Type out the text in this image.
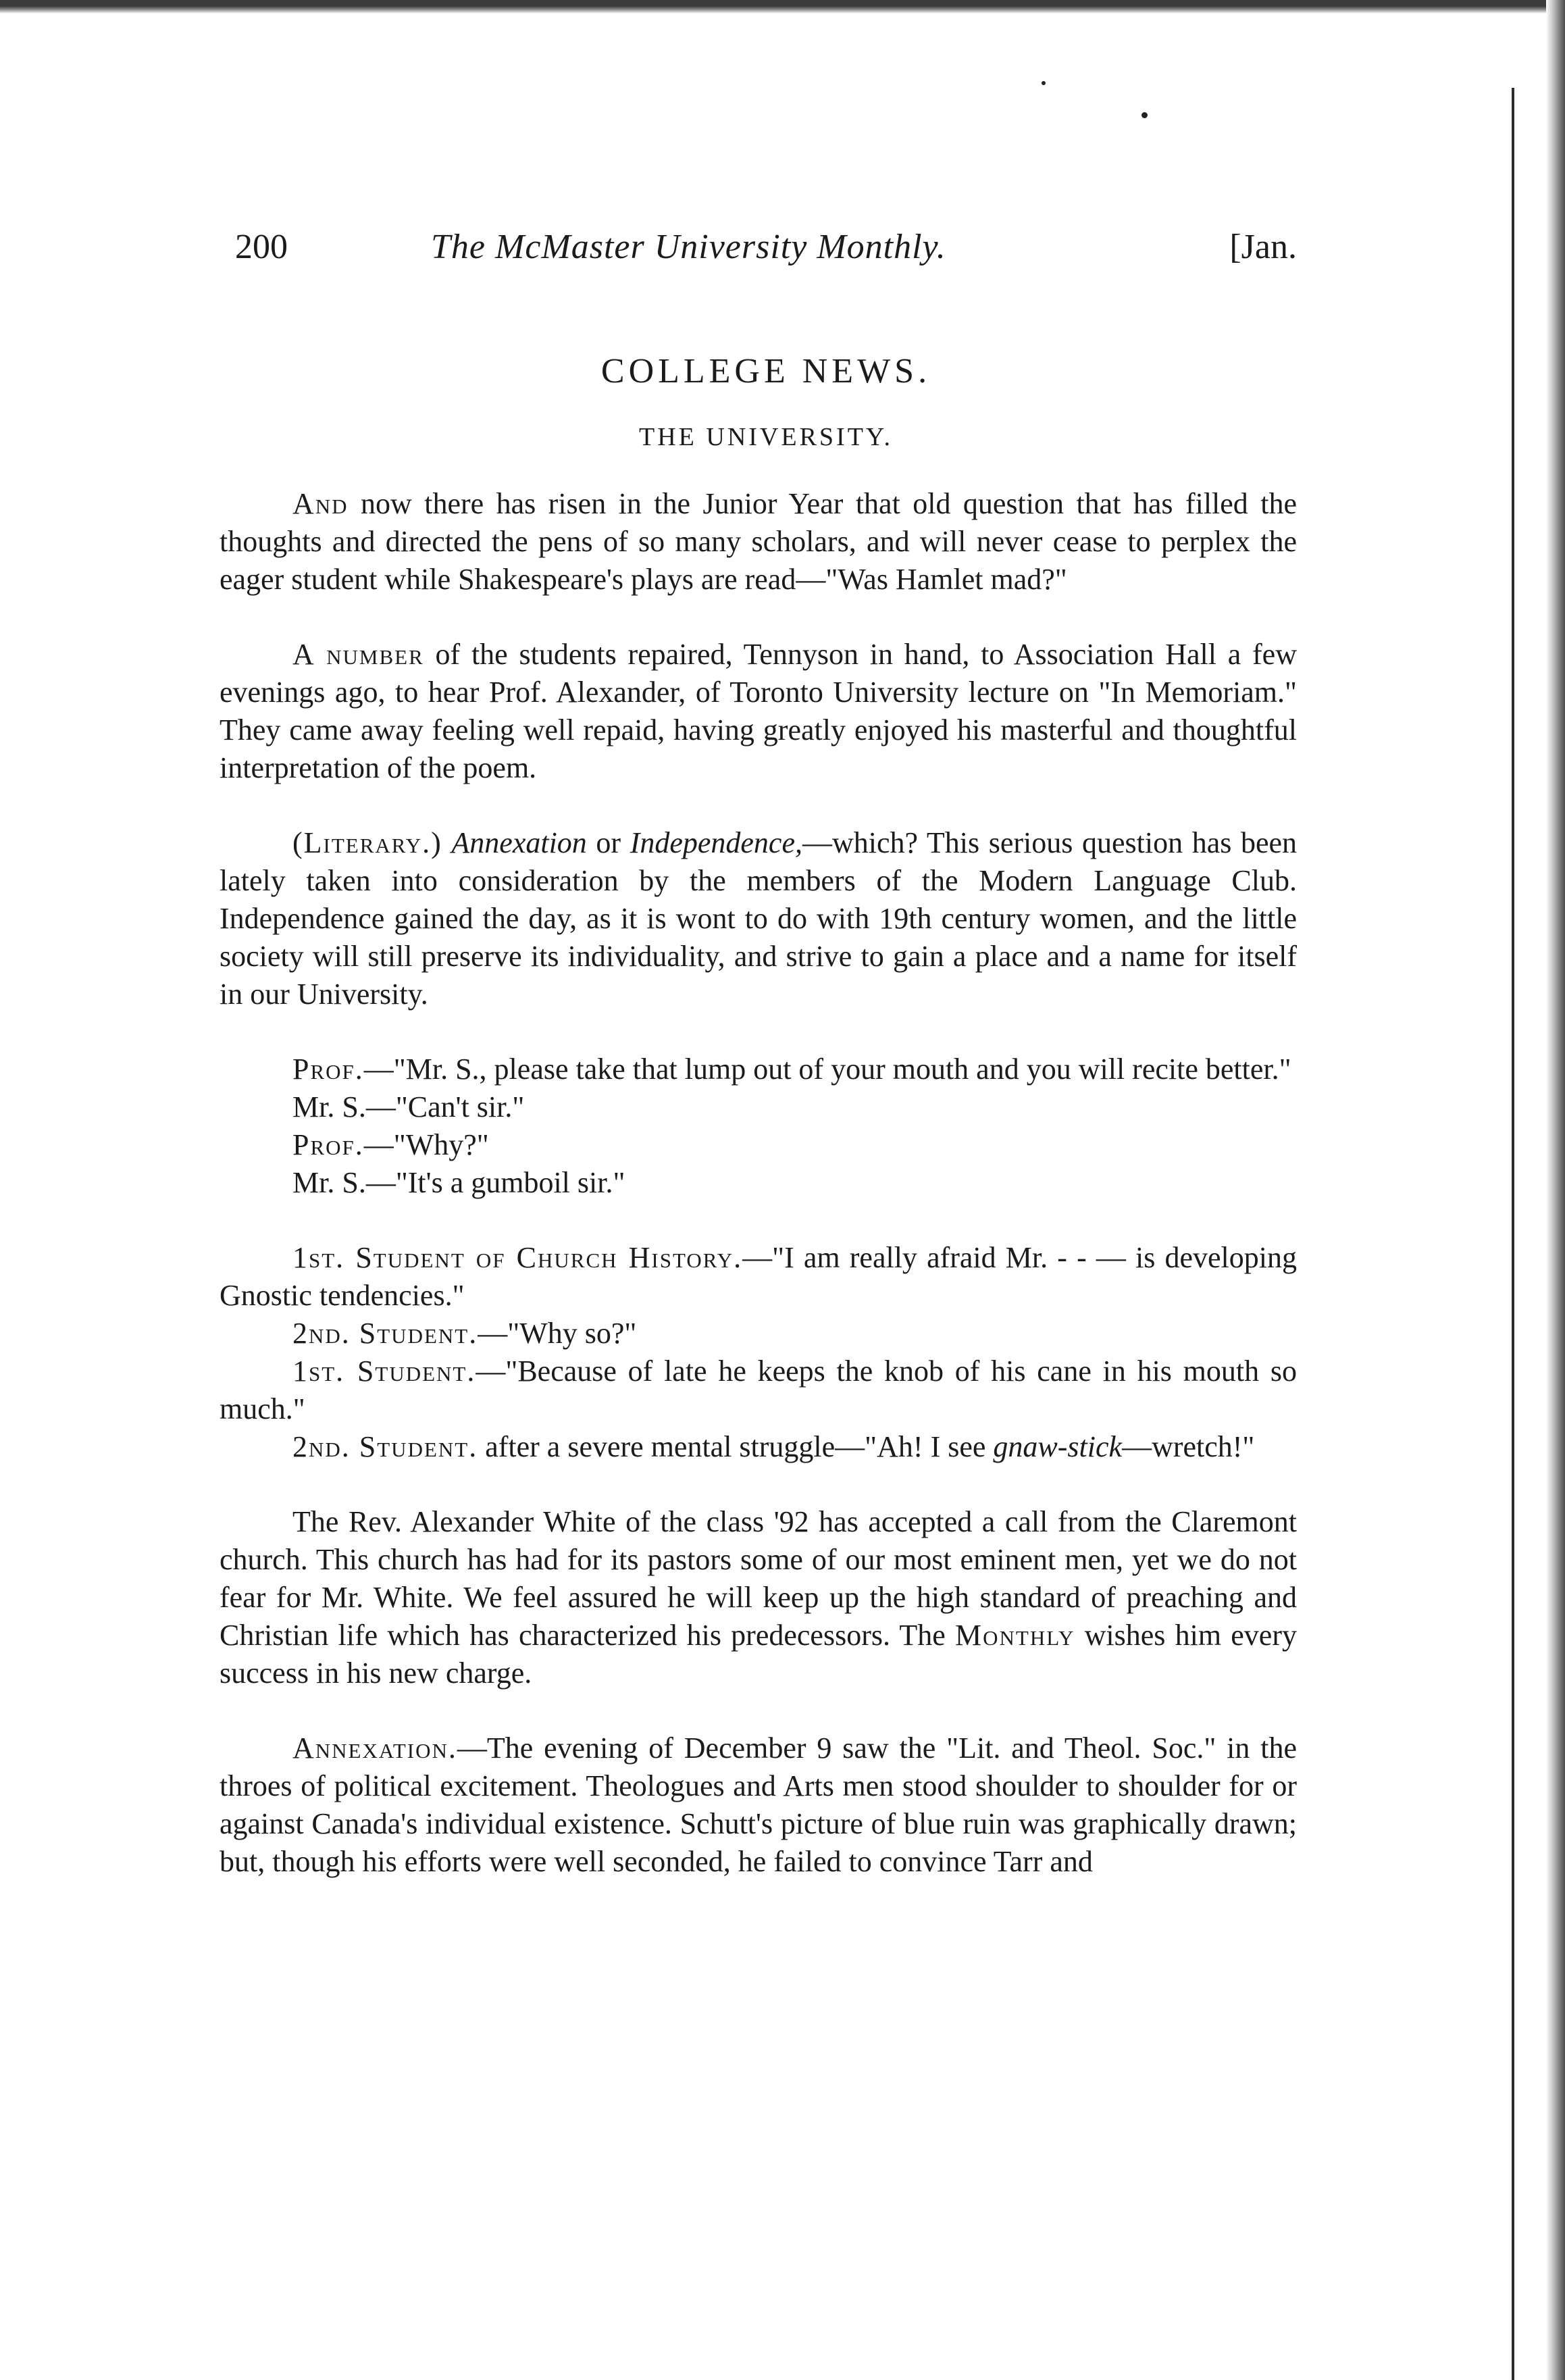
200	The McMaster University Monthly.	[Jan.
COLLEGE NEWS.
THE UNIVERSITY.

And now there has risen in the Junior Year that old question that has filled the thoughts and directed the pens of so many scholars, and will never cease to perplex the eager student while Shakespeare's plays are read—"Was Hamlet mad?"

A number of the students repaired, Tennyson in hand, to Association Hall a few evenings ago, to hear Prof. Alexander, of Toronto University lecture on "In Memoriam." They came away feeling well repaid, having greatly enjoyed his masterful and thoughtful interpretation of the poem.

(Literary.) Annexation or Independence,—which? This serious question has been lately taken into consideration by the members of the Modern Language Club. Independence gained the day, as it is wont to do with 19th century women, and the little society will still preserve its individuality, and strive to gain a place and a name for itself in our University.

Prof.—"Mr. S., please take that lump out of your mouth and you will recite better."

Mr. S.—"Can't sir."

Prof.—"Why?"

Mr. S.—"It's a gumboil sir."

1st. Student of Church History.—"I am really afraid Mr. - - — is developing Gnostic tendencies."

2nd. Student.—"Why so?"

1st. Student.—"Because of late he keeps the knob of his cane in his mouth so much."

2nd. Student. after a severe mental struggle—"Ah! I see gnaw-stick—wretch!"

The Rev. Alexander White of the class '92 has accepted a call from the Claremont church. This church has had for its pastors some of our most eminent men, yet we do not fear for Mr. White. We feel assured he will keep up the high standard of preaching and Christian life which has characterized his predecessors. The Monthly wishes him every success in his new charge.

Annexation.—The evening of December 9 saw the "Lit. and Theol. Soc." in the throes of political excitement. Theologues and Arts men stood shoulder to shoulder for or against Canada's individual existence. Schutt's picture of blue ruin was graphically drawn; but, though his efforts were well seconded, he failed to convince Tarr and
